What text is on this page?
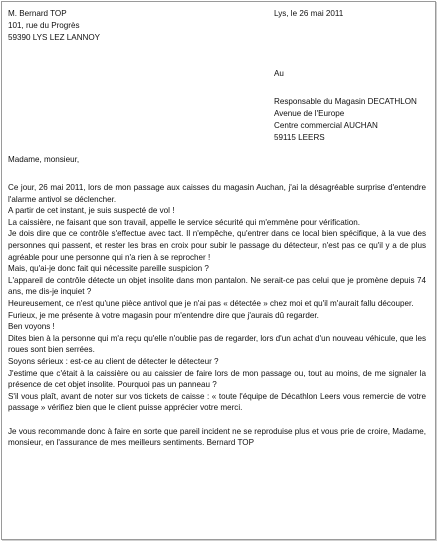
M. Bernard TOP
101, rue du Progrès
59390 LYS LEZ LANNOY
Lys, le 26 mai 2011
Au
Responsable du Magasin DECATHLON
Avenue de l'Europe
Centre commercial AUCHAN
59115 LEERS
Madame, monsieur,

Ce jour, 26 mai 2011, lors de mon passage aux caisses du magasin Auchan, j'ai la désagréable surprise d'entendre l'alarme antivol se déclencher.

A partir de cet instant, je suis suspecté de vol !

La caissière, ne faisant que son travail, appelle le service sécurité qui m'emmène pour vérification.

Je dois dire que ce contrôle s'effectue avec tact. Il n'empêche, qu'entrer dans ce local bien spécifique, à la vue des personnes qui passent, et rester les bras en croix pour subir le passage du détecteur, n'est pas ce qu'il y a de plus agréable pour une personne qui n'a rien à se reprocher !

Mais, qu'ai-je donc fait qui nécessite pareille suspicion ?

L'appareil de contrôle détecte un objet insolite dans mon pantalon. Ne serait-ce pas celui que je promène depuis 74 ans, me dis-je inquiet ?

Heureusement, ce n'est qu'une pièce antivol que je n'ai pas « détectée » chez moi et qu'il m'aurait fallu découper.

Furieux, je me présente à votre magasin pour m'entendre dire que j'aurais dû regarder.

Ben voyons !

Dites bien à la personne qui m'a reçu qu'elle n'oublie pas de regarder, lors d'un achat d'un nouveau véhicule, que les roues sont bien serrées.

Soyons sérieux : est-ce au client de détecter le détecteur ?

J'estime que c'était à la caissière ou au caissier de faire lors de mon passage ou, tout au moins, de me signaler la présence de cet objet insolite. Pourquoi pas un panneau ?

S'il vous plaît, avant de noter sur vos tickets de caisse : « toute l'équipe de Décathlon Leers vous remercie de votre passage » vérifiez bien que le client puisse apprécier votre merci.

Je vous recommande donc à faire en sorte que pareil incident ne se reproduise plus et vous prie de croire, Madame, monsieur, en l'assurance de mes meilleurs sentiments. Bernard TOP
